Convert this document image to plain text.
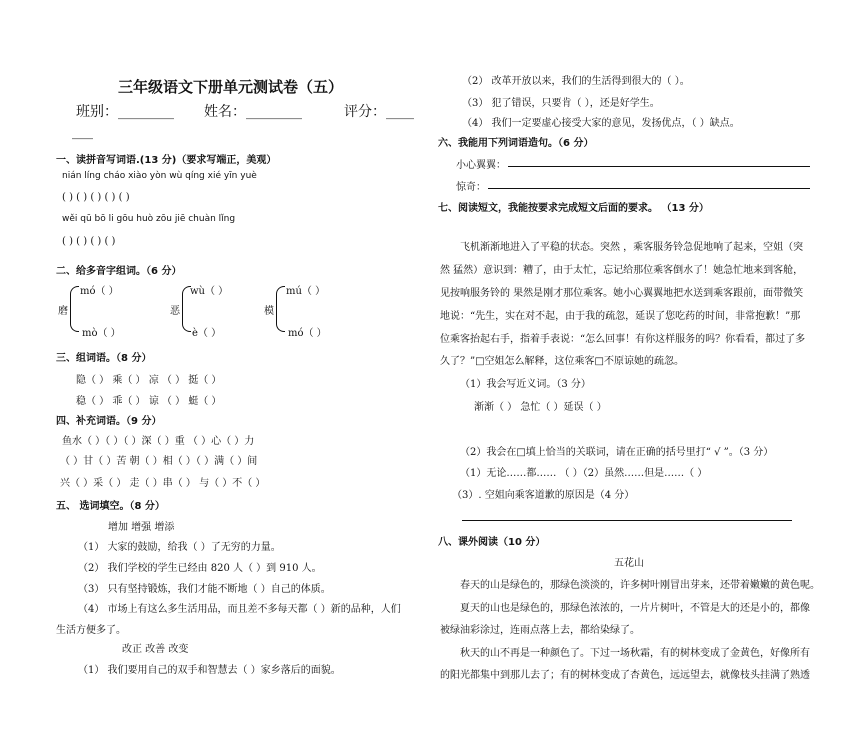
三年级语文下册单元测试卷（五）
班别：________ 姓名：________	评分：____
___
一、读拼音写词语.(13 分)（要求写端正，美观）
nián líng cháo xiào yòn wù qíng xié yīn yuè
( ) ( ) ( ) ( ) ( )
wěi qū bō li gōu huò zōu jiē chuàn lǐng
( ) ( ) ( ) ( )
二、给多音字组词。（6 分）
磨
mó（ ）
mò（ ）
恶
wù（ ）
è（ ）
模
mú（ ）
mó（ ）
三、组词语。（8 分）
隐（ ） 乘（ ） 凉 （ ） 挺（ ）
稳（ ） 乖（ ） 谅 （ ） 蜓（ ）
四、补充词语。（9 分）
鱼水（ ）（ ）（ ）深（ ）重 （ ）心（ ）力
（ ）甘（ ）苦 朝（ ）相（ ）（ ）满（ ）间
兴（ ）采（ ） 走（ ）串（ ） 与（ ）不（ ）
五、 选词填空。（8 分）
增加 增强 增添
（1） 大家的鼓励，给我（ ）了无穷的力量。
（2） 我们学校的学生已经由 820 人（ ）到 910 人。
（3） 只有坚持锻炼，我们才能不断地（ ）自己的体质。
（4） 市场上有这么多生活用品，而且差不多每天都（ ）新的品种，人们
生活方便多了。
改正 改善 改变
（1） 我们要用自己的双手和智慧去（ ）家乡落后的面貌。
（2） 改革开放以来，我们的生活得到很大的（ ）。
（3） 犯了错误，只要肯（ ），还是好学生。
（4） 我们一定要虚心接受大家的意见，发扬优点，（ ）缺点。
六、我能用下列词语造句。（6 分）
小心翼翼：
惊奇：
七、阅读短文，我能按要求完成短文后面的要求。 （13 分）
飞机渐渐地进入了平稳的状态。突然 ，乘客服务铃急促地响了起来，空姐（突
然 猛然）意识到：糟了，由于太忙，忘记给那位乘客倒水了！她急忙地来到客舱，
见按响服务铃的 果然是刚才那位乘客。她小心翼翼地把水送到乘客跟前，面带微笑
地说：“先生，实在对不起，由于我的疏忽，延误了您吃药的时间，非常抱歉！”那
位乘客抬起右手，指着手表说：“怎么回事！有你这样服务的吗？你看看，都过了多
久了？”□空姐怎么解释，这位乘客□不原谅她的疏忽。
（1）我会写近义词。（3 分）
渐渐（ ） 急忙（ ）延误（ ）
（2）我会在□填上恰当的关联词，请在正确的括号里打“ √ ”。（3 分）
（1）无论……都…… （ ）（2）虽然……但是……（ ）
（3）. 空姐向乘客道歉的原因是（4 分）
八、课外阅读（10 分）
五花山
春天的山是绿色的，那绿色淡淡的，许多树叶刚冒出芽来，还带着嫩嫩的黄色呢。
夏天的山也是绿色的，那绿色浓浓的，一片片树叶，不管是大的还是小的，都像
被绿油彩涂过，连雨点落上去，都给染绿了。
秋天的山不再是一种颜色了。下过一场秋霜，有的树林变成了金黄色，好像所有
的阳光都集中到那儿去了；有的树林变成了杏黄色，远远望去，就像枝头挂满了熟透
